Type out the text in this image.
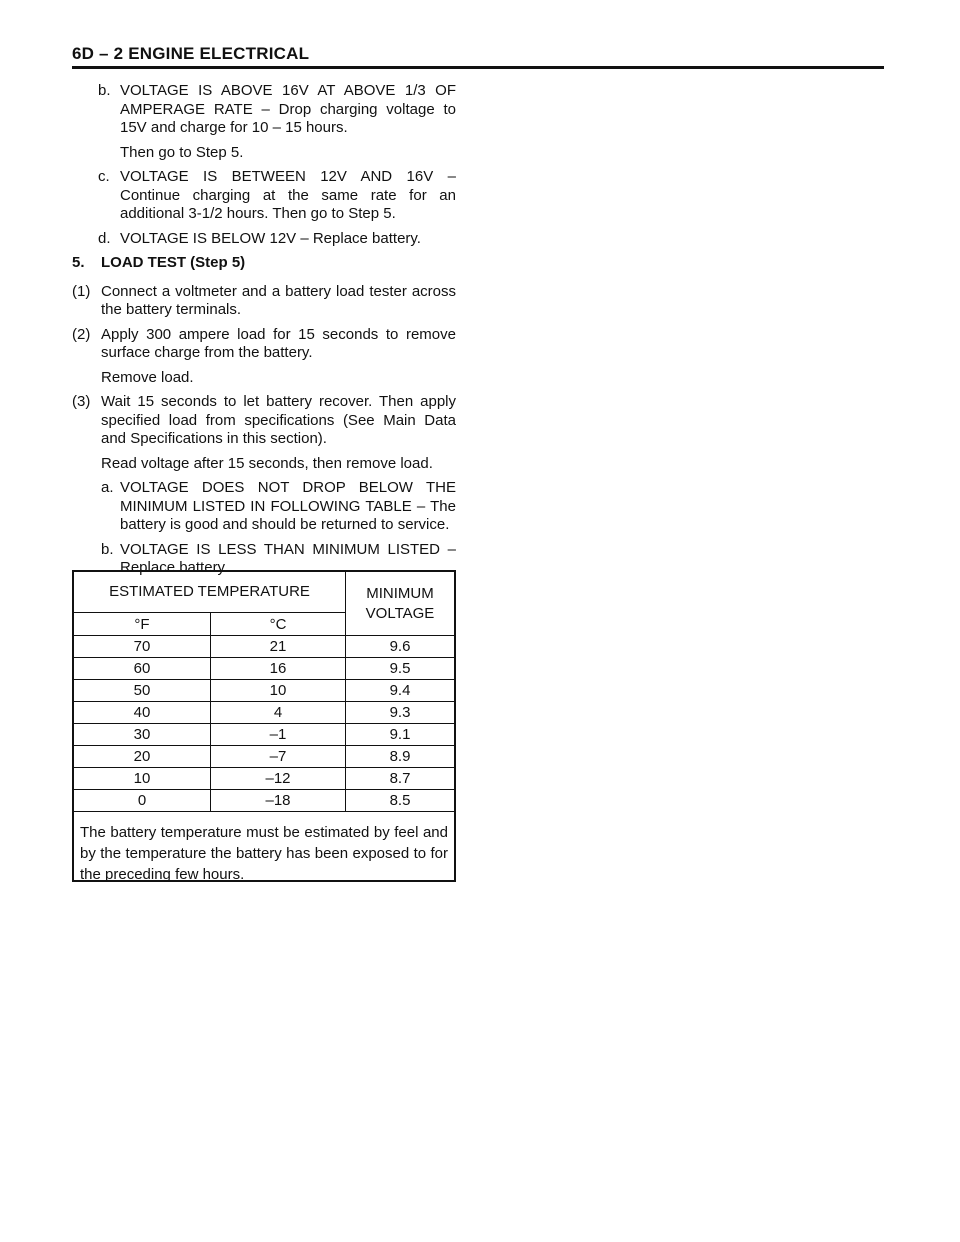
6D – 2 ENGINE ELECTRICAL
b. VOLTAGE IS ABOVE 16V AT ABOVE 1/3 OF AMPERAGE RATE – Drop charging voltage to 15V and charge for 10 – 15 hours.
Then go to Step 5.
c. VOLTAGE IS BETWEEN 12V AND 16V – Continue charging at the same rate for an additional 3-1/2 hours. Then go to Step 5.
d. VOLTAGE IS BELOW 12V – Replace battery.
5. LOAD TEST (Step 5)
(1) Connect a voltmeter and a battery load tester across the battery terminals.
(2) Apply 300 ampere load for 15 seconds to remove surface charge from the battery.
Remove load.
(3) Wait 15 seconds to let battery recover. Then apply specified load from specifications (See Main Data and Specifications in this section).
Read voltage after 15 seconds, then remove load.
a. VOLTAGE DOES NOT DROP BELOW THE MINIMUM LISTED IN FOLLOWING TABLE – The battery is good and should be returned to service.
b. VOLTAGE IS LESS THAN MINIMUM LISTED – Replace battery.
ESTIMATED TEMPERATURE		MINIMUM VOLTAGE
°F	°C	
70	21	9.6
60	16	9.5
50	10	9.4
40	4	9.3
30	–1	9.1
20	–7	8.9
10	–12	8.7
0	–18	8.5
The battery temperature must be estimated by feel and by the temperature the battery has been exposed to for the preceding few hours.
